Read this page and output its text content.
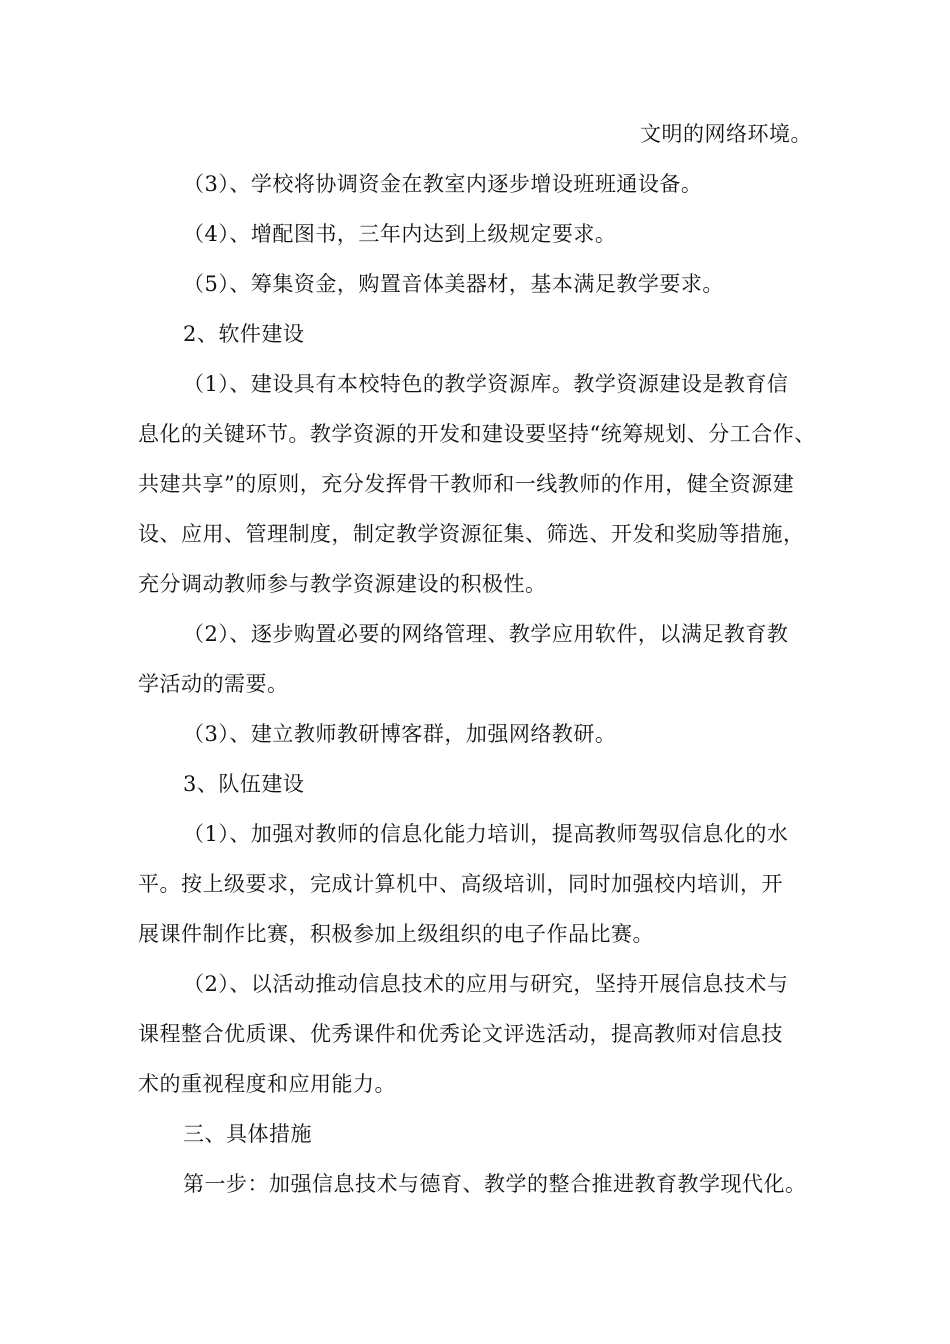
文明的网络环境。
（3）、学校将协调资金在教室内逐步增设班班通设备。
（4）、增配图书，三年内达到上级规定要求。
（5）、筹集资金，购置音体美器材，基本满足教学要求。
2、软件建设
（1）、建设具有本校特色的教学资源库。教学资源建设是教育信
息化的关键环节。教学资源的开发和建设要坚持“统筹规划、分工合作、
共建共享”的原则，充分发挥骨干教师和一线教师的作用，健全资源建
设、应用、管理制度，制定教学资源征集、筛选、开发和奖励等措施，
充分调动教师参与教学资源建设的积极性。
（2）、逐步购置必要的网络管理、教学应用软件，以满足教育教
学活动的需要。
（3）、建立教师教研博客群，加强网络教研。
3、队伍建设
（1）、加强对教师的信息化能力培训，提高教师驾驭信息化的水
平。按上级要求，完成计算机中、高级培训，同时加强校内培训，开
展课件制作比赛，积极参加上级组织的电子作品比赛。
（2）、以活动推动信息技术的应用与研究，坚持开展信息技术与
课程整合优质课、优秀课件和优秀论文评选活动，提高教师对信息技
术的重视程度和应用能力。
三、具体措施
第一步：加强信息技术与德育、教学的整合推进教育教学现代化。
